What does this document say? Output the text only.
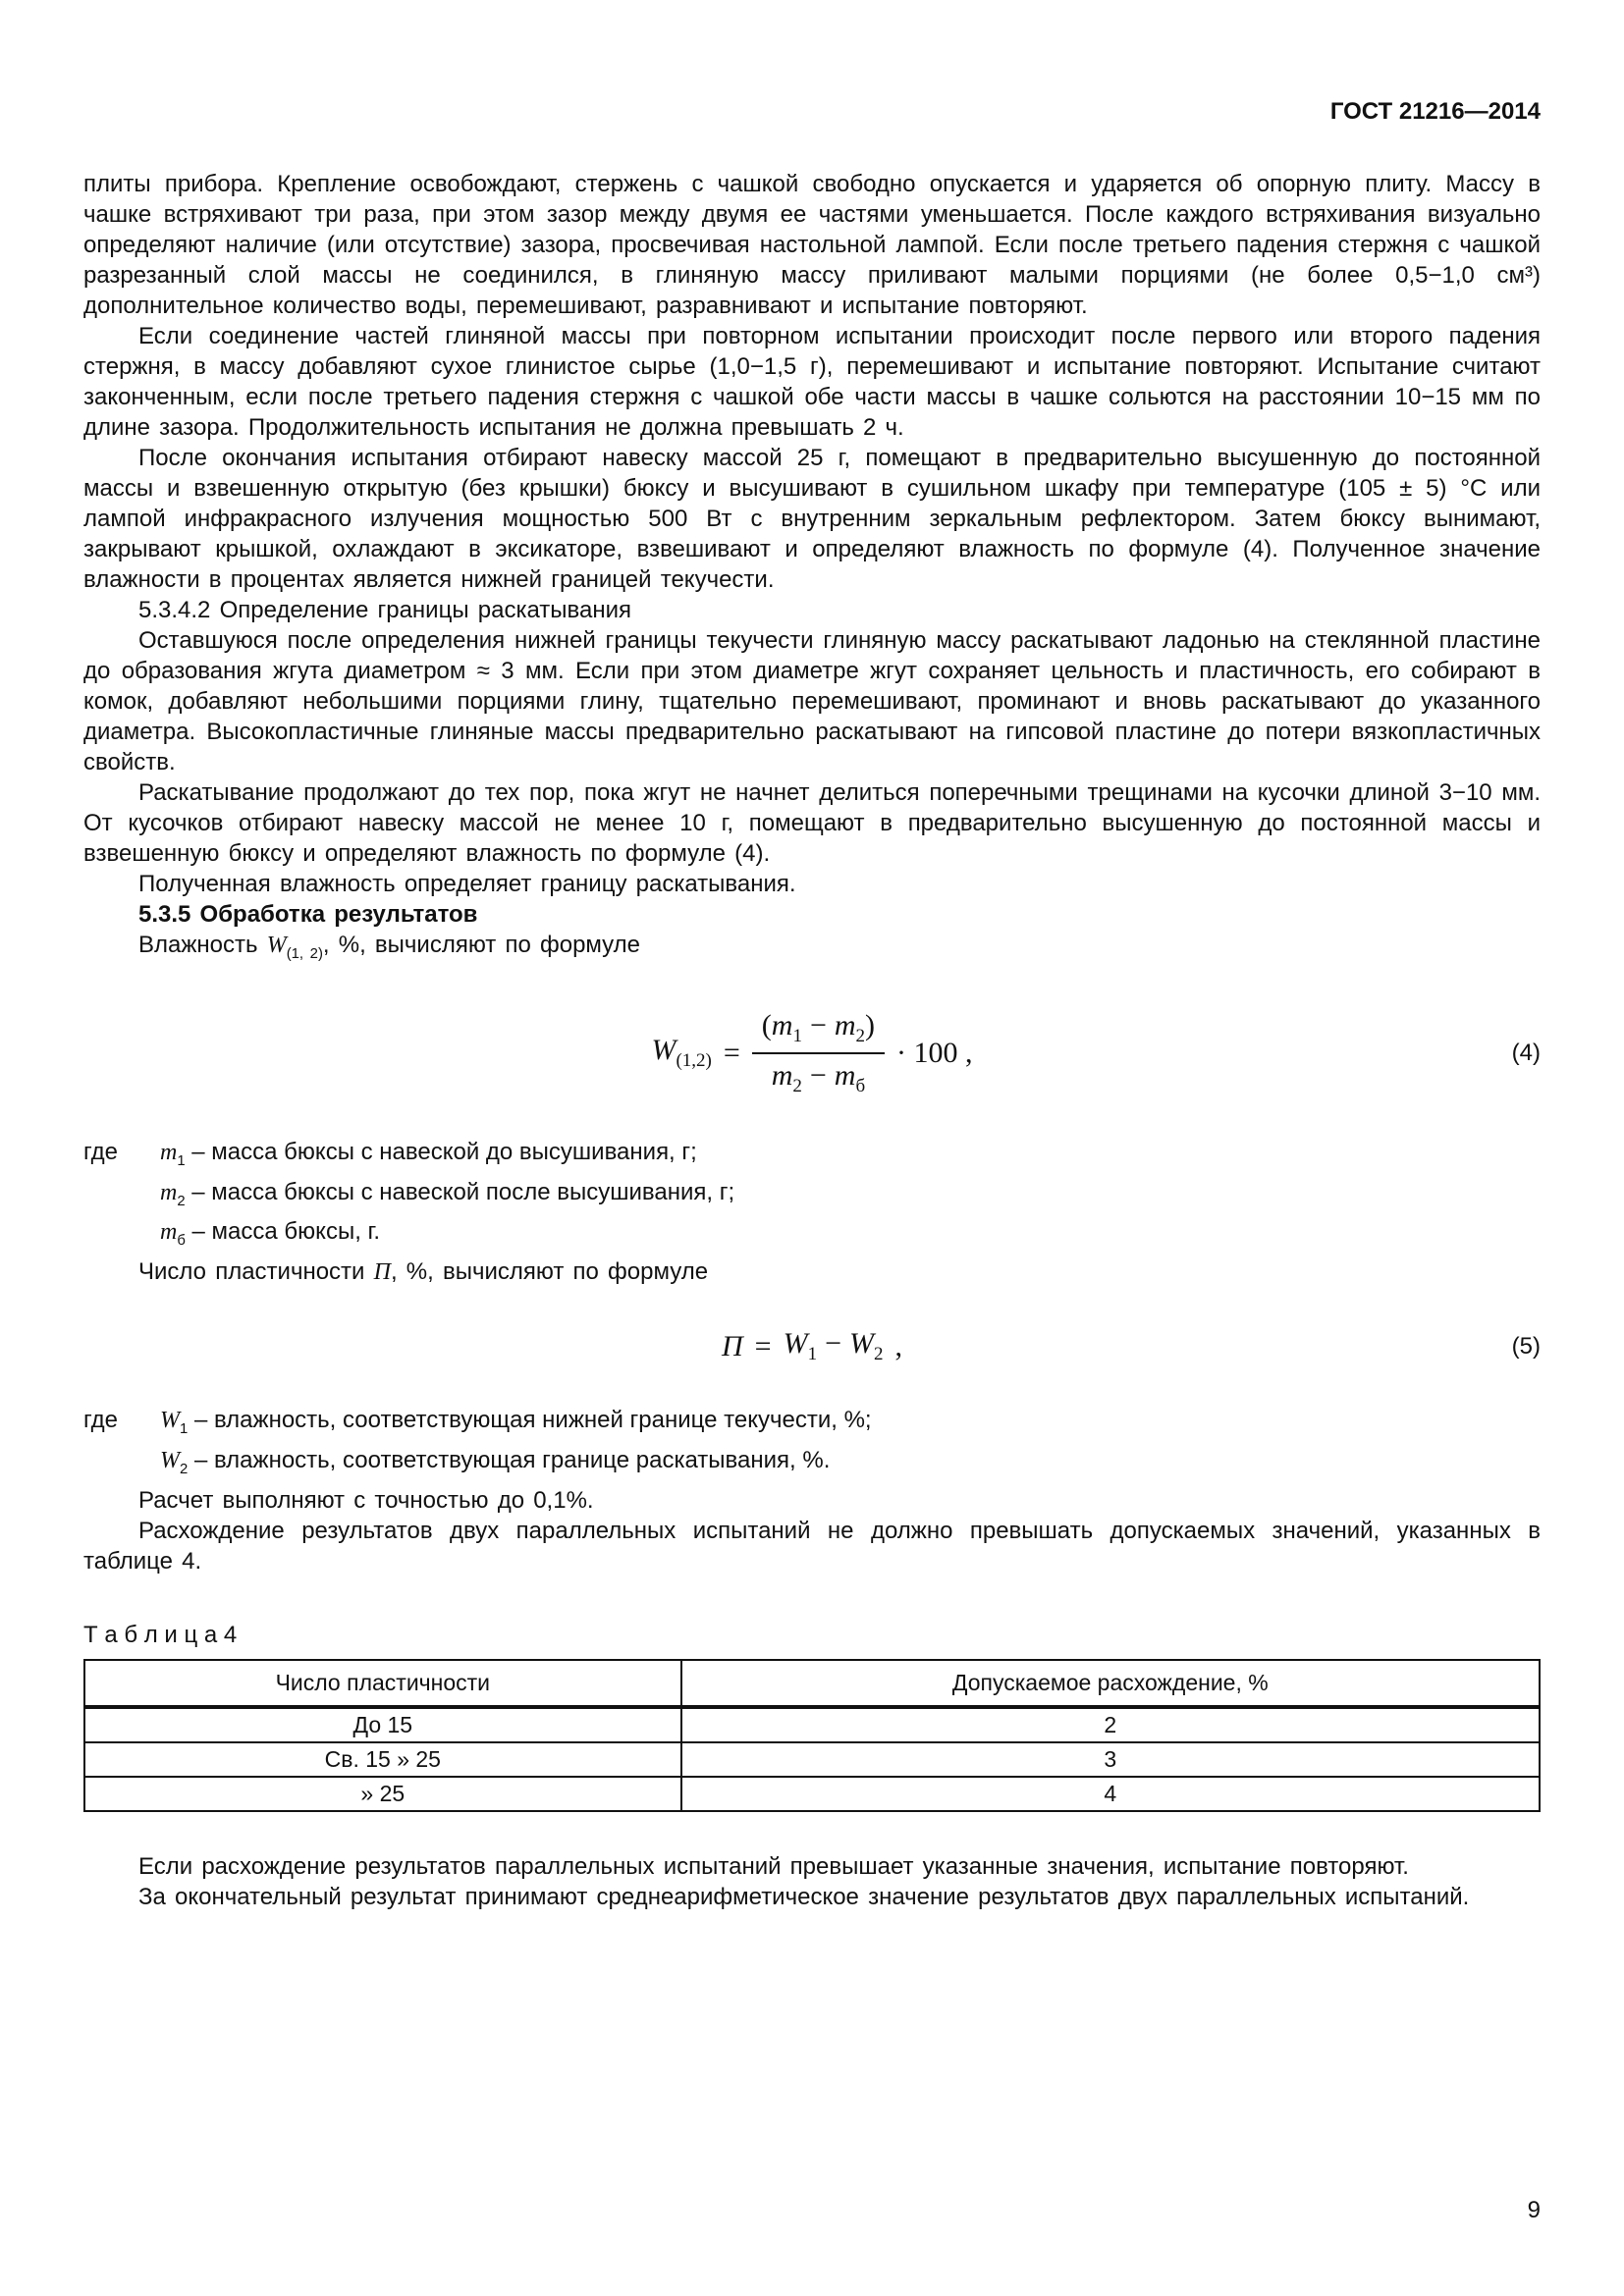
ГОСТ 21216—2014

плиты прибора. Крепление освобождают, стержень с чашкой свободно опускается и ударяется об опорную плиту. Массу в чашке встряхивают три раза, при этом зазор между двумя ее частями уменьшается. После каждого встряхивания визуально определяют наличие (или отсутствие) зазора, просвечивая настольной лампой. Если после третьего падения стержня с чашкой разрезанный слой массы не соединился, в глиняную массу приливают малыми порциями (не более 0,5−1,0 см³) дополнительное количество воды, перемешивают, разравнивают и испытание повторяют.

Если соединение частей глиняной массы при повторном испытании происходит после первого или второго падения стержня, в массу добавляют сухое глинистое сырье (1,0−1,5 г), перемешивают и испытание повторяют. Испытание считают законченным, если после третьего падения стержня с чашкой обе части массы в чашке сольются на расстоянии 10−15 мм по длине зазора. Продолжительность испытания не должна превышать 2 ч.

После окончания испытания отбирают навеску массой 25 г, помещают в предварительно высушенную до постоянной массы и взвешенную открытую (без крышки) бюксу и высушивают в сушильном шкафу при температуре (105 ± 5) °С или лампой инфракрасного излучения мощностью 500 Вт с внутренним зеркальным рефлектором. Затем бюксу вынимают, закрывают крышкой, охлаждают в эксикаторе, взвешивают и определяют влажность по формуле (4). Полученное значение влажности в процентах является нижней границей текучести.

5.3.4.2 Определение границы раскатывания

Оставшуюся после определения нижней границы текучести глиняную массу раскатывают ладонью на стеклянной пластине до образования жгута диаметром ≈ 3 мм. Если при этом диаметре жгут сохраняет цельность и пластичность, его собирают в комок, добавляют небольшими порциями глину, тщательно перемешивают, проминают и вновь раскатывают до указанного диаметра. Высокопластичные глиняные массы предварительно раскатывают на гипсовой пластине до потери вязкопластичных свойств.

Раскатывание продолжают до тех пор, пока жгут не начнет делиться поперечными трещинами на кусочки длиной 3−10 мм. От кусочков отбирают навеску массой не менее 10 г, помещают в предварительно высушенную до постоянной массы и взвешенную бюксу и определяют влажность по формуле (4).

Полученная влажность определяет границу раскатывания.

5.3.5 Обработка результатов

Влажность $W_{(1, 2)}$, %, вычисляют по формуле

$W_{(1,2)} = \frac{(m_1 - m_2)}{m_2 - m_б} \cdot 100$ ,	(4)
где $m_1$ – масса бюксы с навеской до высушивания, г;
$m_2$ – масса бюксы с навеской после высушивания, г;
$m_б$ – масса бюксы, г.

Число пластичности П, %, вычисляют по формуле

$П = W_1 - W_2$ ,	(5)
где $W_1$ – влажность, соответствующая нижней границе текучести, %;
$W_2$ – влажность, соответствующая границе раскатывания, %.

Расчет выполняют с точностью до 0,1%.

Расхождение результатов двух параллельных испытаний не должно превышать допускаемых значений, указанных в таблице 4.

Т а б л и ц а 4
Число пластичности	Допускаемое расхождение, %
До 15	2
Св. 15 » 25	3
» 25	4

Если расхождение результатов параллельных испытаний превышает указанные значения, испытание повторяют.

За окончательный результат принимают среднеарифметическое значение результатов двух параллельных испытаний.

9
